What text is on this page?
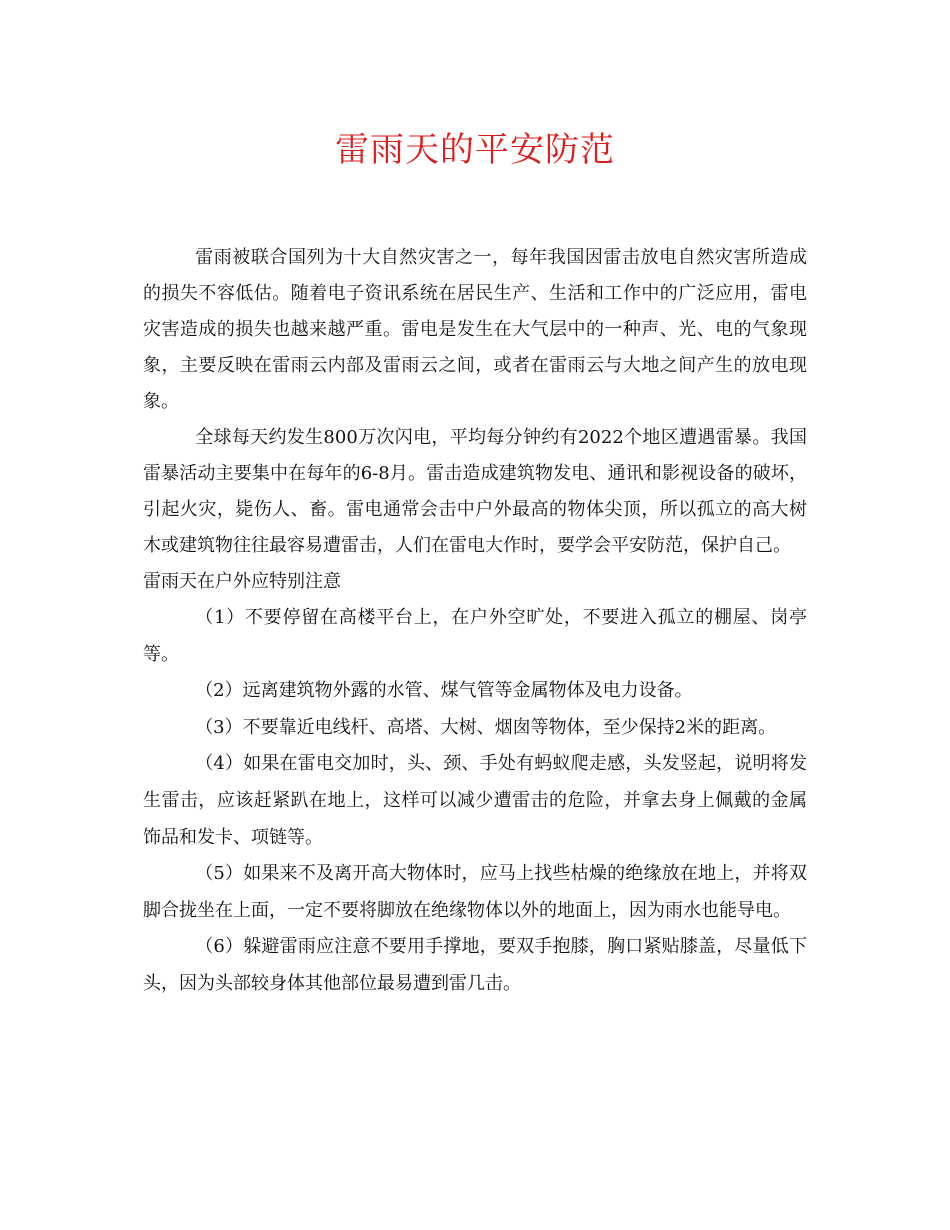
雷雨天的平安防范

雷雨被联合国列为十大自然灾害之一，每年我国因雷击放电自然灾害所造成的损失不容低估。随着电子资讯系统在居民生产、生活和工作中的广泛应用，雷电灾害造成的损失也越来越严重。雷电是发生在大气层中的一种声、光、电的气象现象，主要反映在雷雨云内部及雷雨云之间，或者在雷雨云与大地之间产生的放电现象。

全球每天约发生800万次闪电，平均每分钟约有2022个地区遭遇雷暴。我国雷暴活动主要集中在每年的6-8月。雷击造成建筑物发电、通讯和影视设备的破坏，引起火灾，毙伤人、畜。雷电通常会击中户外最高的物体尖顶，所以孤立的高大树木或建筑物往往最容易遭雷击，人们在雷电大作时，要学会平安防范，保护自己。

雷雨天在户外应特别注意

（1）不要停留在高楼平台上，在户外空旷处，不要进入孤立的棚屋、岗亭等。

（2）远离建筑物外露的水管、煤气管等金属物体及电力设备。

（3）不要靠近电线杆、高塔、大树、烟囱等物体，至少保持2米的距离。

（4）如果在雷电交加时，头、颈、手处有蚂蚁爬走感，头发竖起，说明将发生雷击，应该赶紧趴在地上，这样可以减少遭雷击的危险，并拿去身上佩戴的金属饰品和发卡、项链等。

（5）如果来不及离开高大物体时，应马上找些枯燥的绝缘放在地上，并将双脚合拢坐在上面，一定不要将脚放在绝缘物体以外的地面上，因为雨水也能导电。

（6）躲避雷雨应注意不要用手撑地，要双手抱膝，胸口紧贴膝盖，尽量低下头，因为头部较身体其他部位最易遭到雷几击。
